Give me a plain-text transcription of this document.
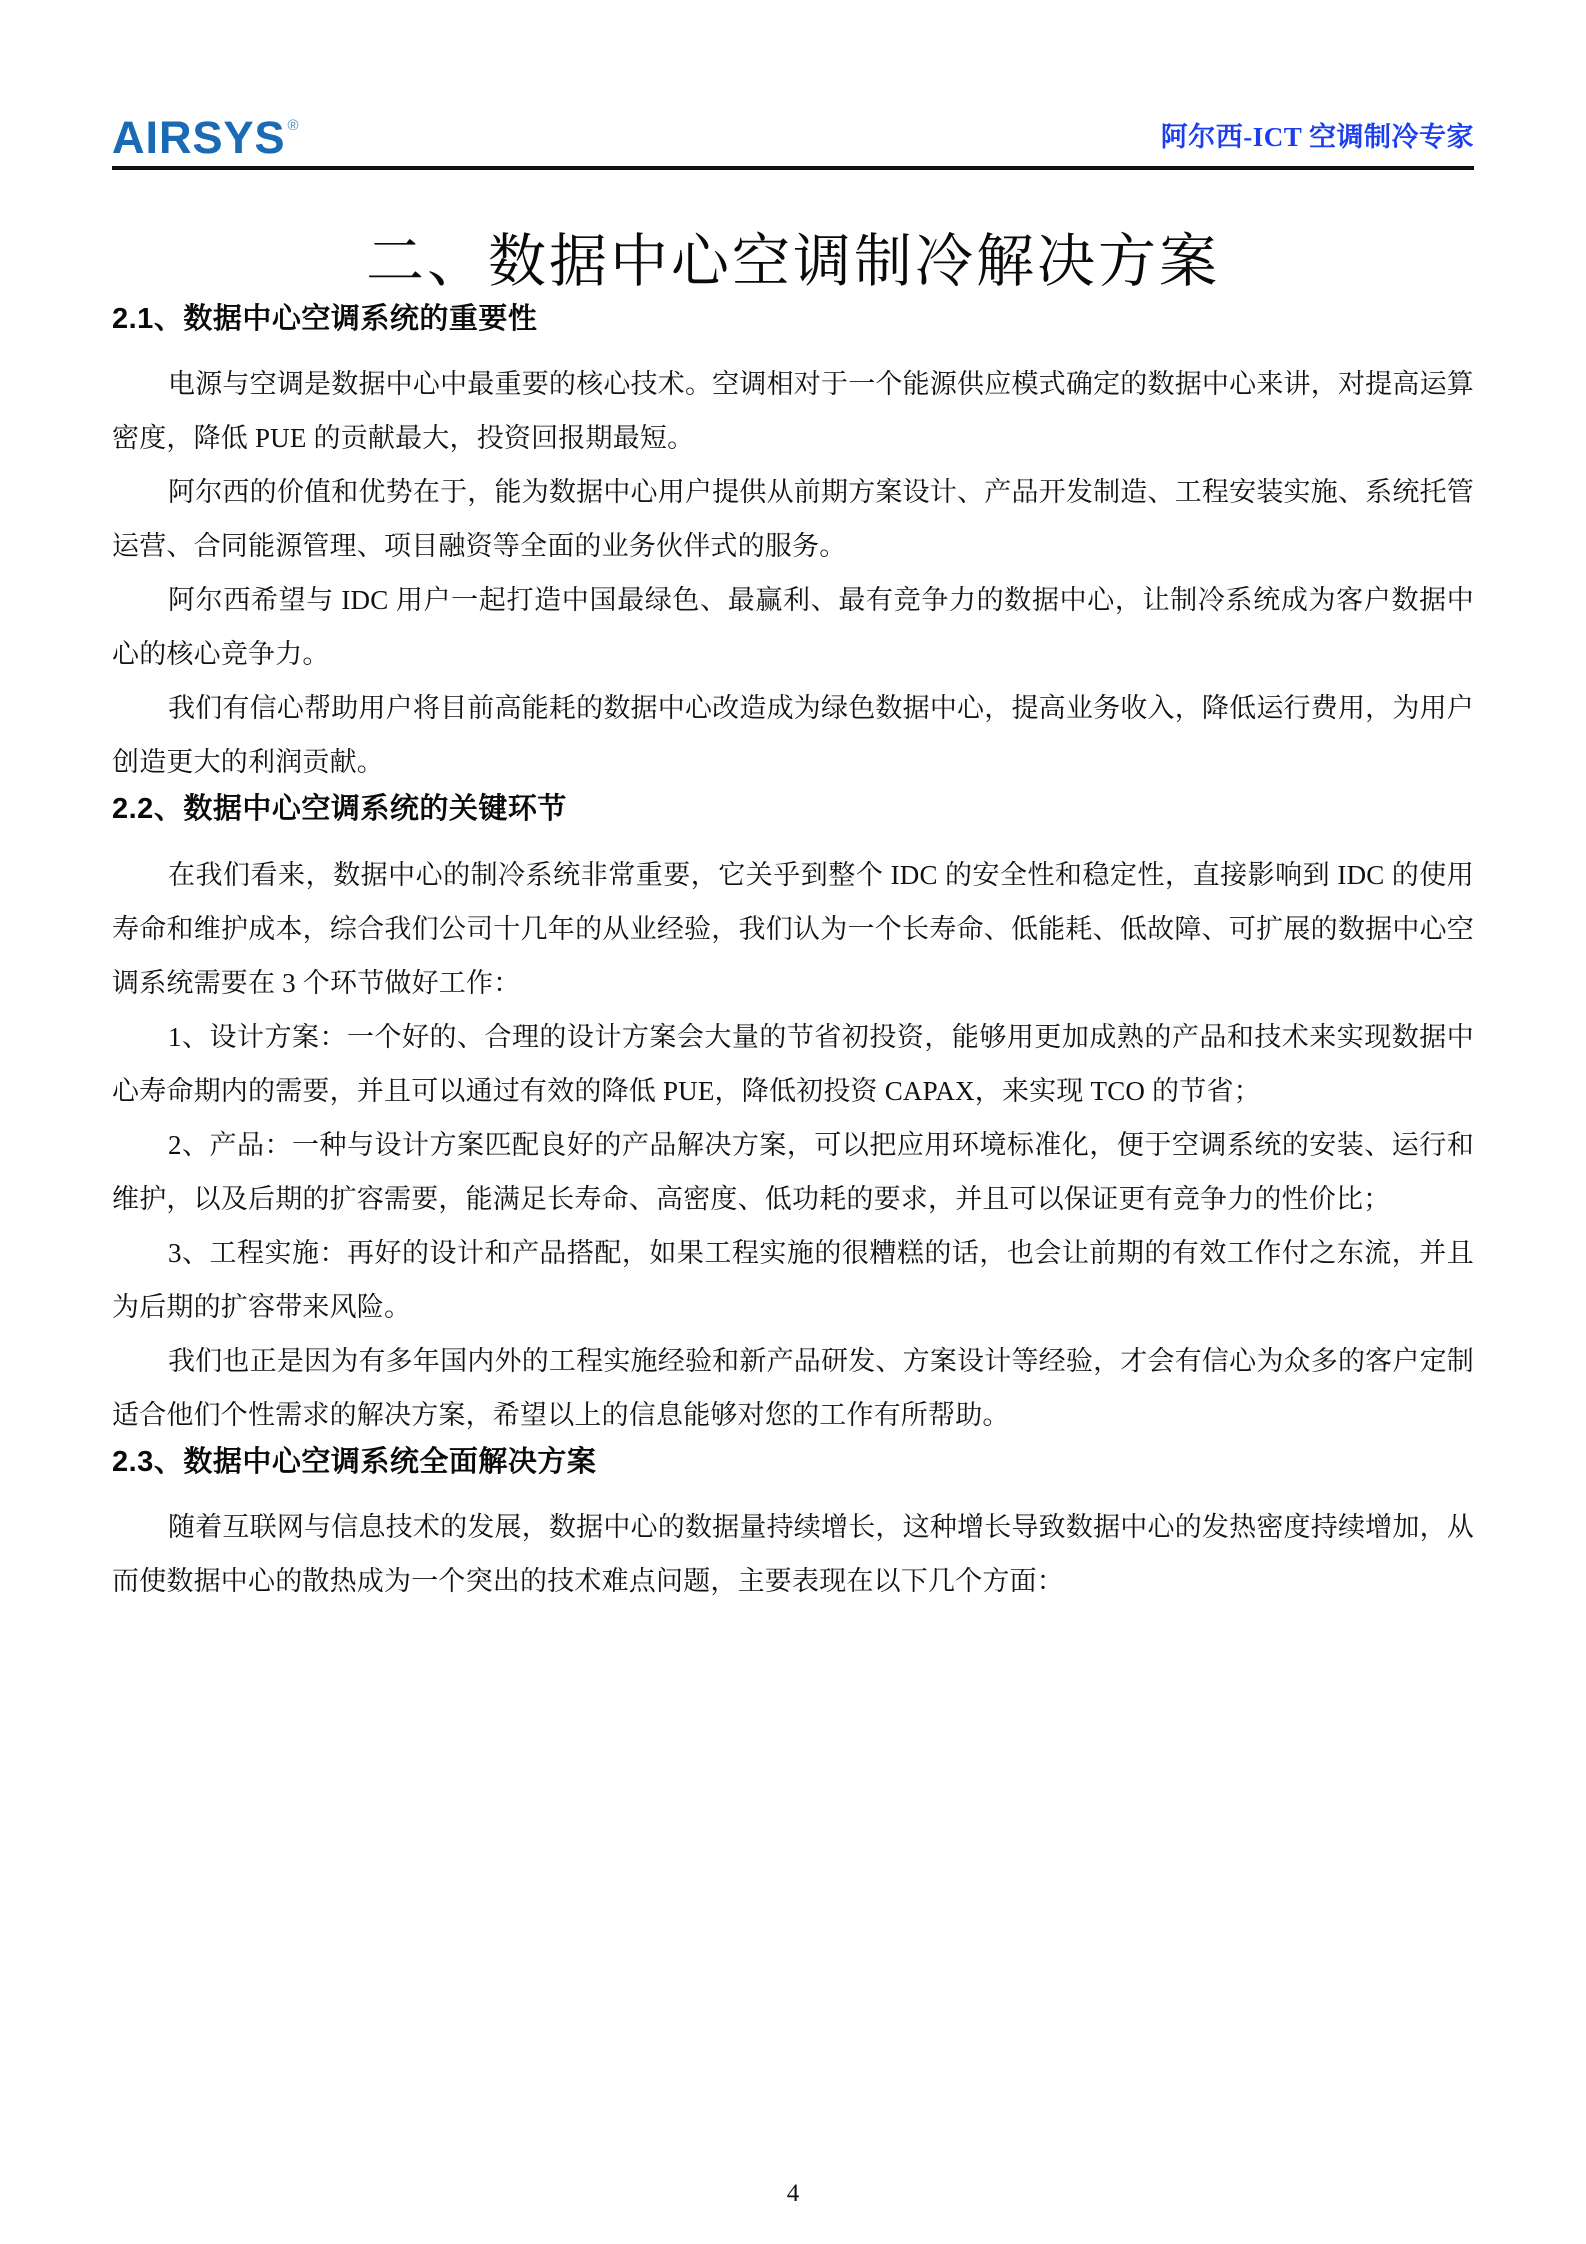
AIRSYS ®	阿尔西-ICT 空调制冷专家
二、数据中心空调制冷解决方案
2.1、数据中心空调系统的重要性

电源与空调是数据中心中最重要的核心技术。空调相对于一个能源供应模式确定的数据中心来讲，对提高运算密度，降低 PUE 的贡献最大，投资回报期最短。

阿尔西的价值和优势在于，能为数据中心用户提供从前期方案设计、产品开发制造、工程安装实施、系统托管运营、合同能源管理、项目融资等全面的业务伙伴式的服务。

阿尔西希望与 IDC 用户一起打造中国最绿色、最赢利、最有竞争力的数据中心，让制冷系统成为客户数据中心的核心竞争力。

我们有信心帮助用户将目前高能耗的数据中心改造成为绿色数据中心，提高业务收入，降低运行费用，为用户创造更大的利润贡献。

2.2、数据中心空调系统的关键环节

在我们看来，数据中心的制冷系统非常重要，它关乎到整个 IDC 的安全性和稳定性，直接影响到 IDC 的使用寿命和维护成本，综合我们公司十几年的从业经验，我们认为一个长寿命、低能耗、低故障、可扩展的数据中心空调系统需要在 3 个环节做好工作：

1、设计方案：一个好的、合理的设计方案会大量的节省初投资，能够用更加成熟的产品和技术来实现数据中心寿命期内的需要，并且可以通过有效的降低 PUE，降低初投资 CAPAX，来实现 TCO 的节省；

2、产品：一种与设计方案匹配良好的产品解决方案，可以把应用环境标准化，便于空调系统的安装、运行和维护，以及后期的扩容需要，能满足长寿命、高密度、低功耗的要求，并且可以保证更有竞争力的性价比；

3、工程实施：再好的设计和产品搭配，如果工程实施的很糟糕的话，也会让前期的有效工作付之东流，并且为后期的扩容带来风险。

我们也正是因为有多年国内外的工程实施经验和新产品研发、方案设计等经验，才会有信心为众多的客户定制适合他们个性需求的解决方案，希望以上的信息能够对您的工作有所帮助。

2.3、数据中心空调系统全面解决方案

随着互联网与信息技术的发展，数据中心的数据量持续增长，这种增长导致数据中心的发热密度持续增加，从而使数据中心的散热成为一个突出的技术难点问题，主要表现在以下几个方面：

4
